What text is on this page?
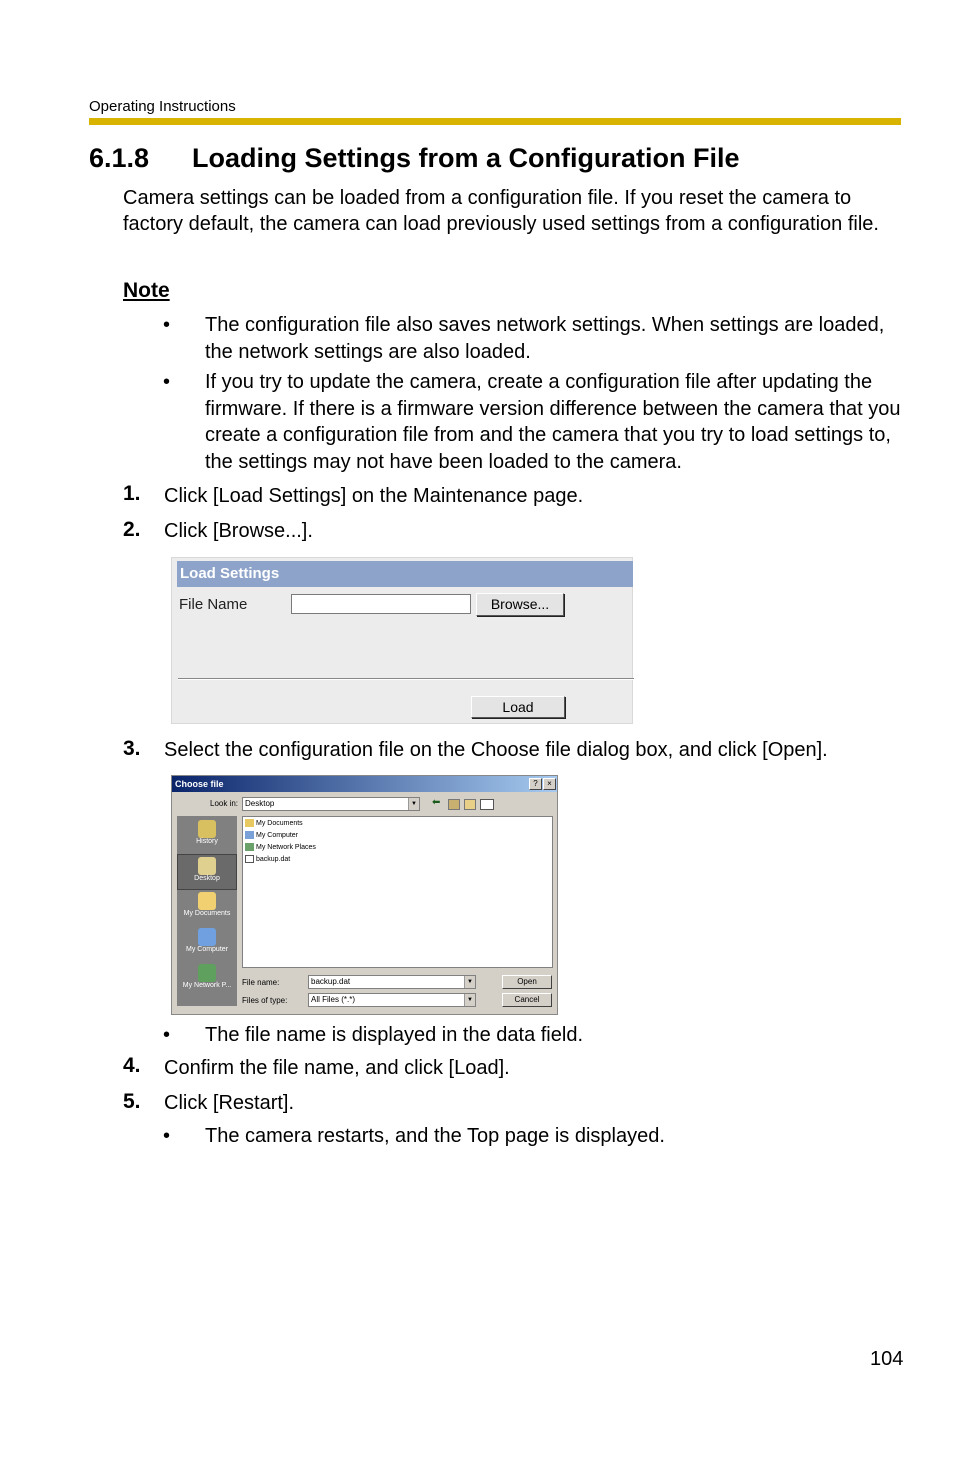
Operating Instructions
6.1.8 Loading Settings from a Configuration File
Camera settings can be loaded from a configuration file. If you reset the camera to factory default, the camera can load previously used settings from a configuration file.
Note
• The configuration file also saves network settings. When settings are loaded, the network settings are also loaded.
• If you try to update the camera, create a configuration file after updating the firmware. If there is a firmware version difference between the camera that you create a configuration file from and the camera that you try to load settings to, the settings may not have been loaded to the camera.
1. Click [Load Settings] on the Maintenance page.
2. Click [Browse...].
Load Settings
File Name	Browse...
Load
3. Select the configuration file on the Choose file dialog box, and click [Open].
Choose file	?	×
Look in: Desktop	▼ ⬅
History
Desktop
My Documents
My Computer
My Network P...
My Documents
My Computer
My Network Places
backup.dat
File name:	backup.dat	▼	Open
Files of type:	All Files (*.*)	▼	Cancel
• The file name is displayed in the data field.
4. Confirm the file name, and click [Load].
5. Click [Restart].
• The camera restarts, and the Top page is displayed.
104
